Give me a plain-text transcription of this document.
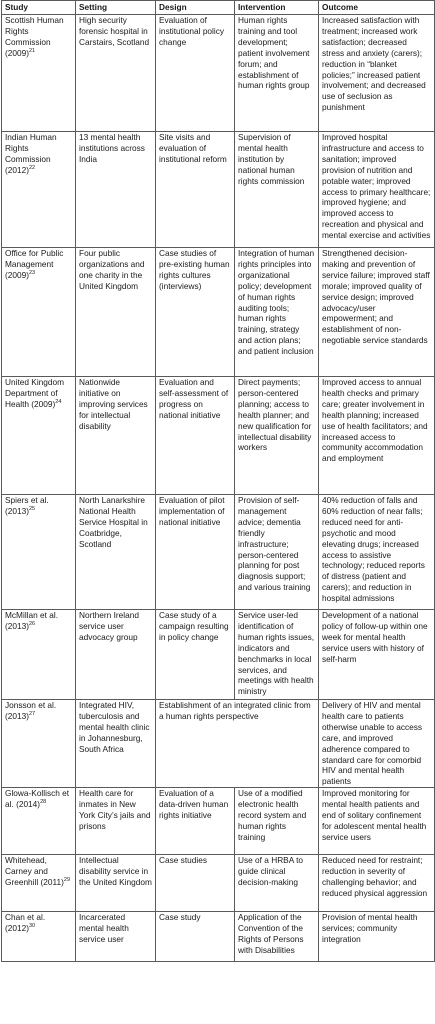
Study	Setting	Design	Intervention	Outcome
Scottish Human Rights Commission $(2009)^{21}$	High security forensic hospital in Carstairs, Scotland	Evaluation of institutional policy change	Human rights training and tool development; patient involvement forum; and establishment of human rights group	Increased satisfaction with treatment; increased work satisfaction; decreased stress and anxiety (carers); reduction in “blanket policies;” increased patient involvement; and decreased use of seclusion as punishment
Indian Human Rights Commission $(2012)^{22}$	13 mental health institutions across India	Site visits and evaluation of institutional reform	Supervision of mental health institution by national human rights commission	Improved hospital infrastructure and access to sanitation; improved provision of nutrition and potable water; improved access to primary healthcare; improved hygiene; and improved access to recreation and physical and mental exercise and activities
Office for Public Management $(2009)^{23}$	Four public organizations and one charity in the United Kingdom	Case studies of pre-existing human rights cultures (interviews)	Integration of human rights principles into organizational policy; development of human rights auditing tools; human rights training, strategy and action plans; and patient inclusion	Strengthened decision-making and prevention of service failure; improved staff morale; improved quality of service design; improved advocacy/user empowerment; and establishment of non-negotiable service standards
United Kingdom Department of Health $(2009)^{24}$	Nationwide initiative on improving services for intellectual disability	Evaluation and self-assessment of progress on national initiative	Direct payments; person-centered planning; access to health planner; and new qualification for intellectual disability workers	Improved access to annual health checks and primary care; greater involvement in health planning; increased use of health facilitators; and increased access to community accommodation and employment
Spiers et al. $(2013)^{25}$	North Lanarkshire National Health Service Hospital in Coatbridge, Scotland	Evaluation of pilot implementation of national initiative	Provision of self-management advice; dementia friendly infrastructure; person-centered planning for post diagnosis support; and various training	40% reduction of falls and 60% reduction of near falls; reduced need for anti-psychotic and mood elevating drugs; increased access to assistive technology; reduced reports of distress (patient and carers); and reduction in hospital admissions
McMillan et al. $(2013)^{26}$	Northern Ireland service user advocacy group	Case study of a campaign resulting in policy change	Service user-led identification of human rights issues, indicators and benchmarks in local services, and meetings with health ministry	Development of a national policy of follow-up within one week for mental health service users with history of self-harm
Jonsson et al. $(2013)^{27}$	Integrated HIV, tuberculosis and mental health clinic in Johannesburg, South Africa	Establishment of an integrated clinic from a human rights perspective		Delivery of HIV and mental health care to patients otherwise unable to access care, and improved adherence compared to standard care for comorbid HIV and mental health patients
Glowa-Kollisch et al. $(2014)^{28}$	Health care for inmates in New York City’s jails and prisons	Evaluation of a data-driven human rights initiative	Use of a modified electronic health record system and human rights training	Improved monitoring for mental health patients and end of solitary confinement for adolescent mental health service users
Whitehead, Carney and Greenhill $(2011)^{29}$	Intellectual disability service in the United Kingdom	Case studies	Use of a HRBA to guide clinical decision-making	Reduced need for restraint; reduction in severity of challenging behavior; and reduced physical aggression
Chan et al. $(2012)^{30}$	Incarcerated mental health service user	Case study	Application of the Convention of the Rights of Persons with Disabilities	Provision of mental health services; community integration
